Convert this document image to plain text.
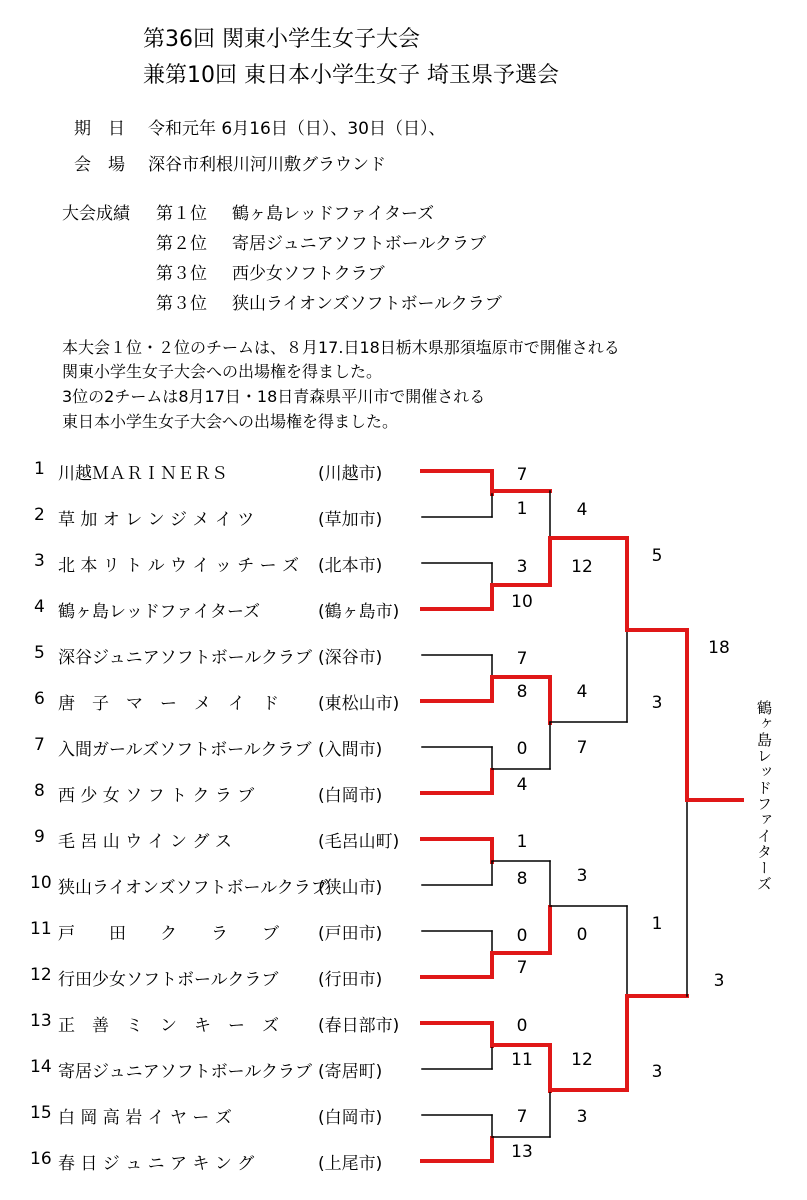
第36回 関東小学生女子大会
兼第10回 東日本小学生女子 埼玉県予選会
期　日 令和元年 6月16日（日）、30日（日）、
会　場 深谷市利根川河川敷グラウンド
大会成績 第１位 鶴ヶ島レッドファイターズ
第２位 寄居ジュニアソフトボールクラブ
第３位 西少女ソフトクラブ
第３位 狭山ライオンズソフトボールクラブ
本大会１位・２位のチームは、８月17.日18日栃木県那須塩原市で開催される
関東小学生女子大会への出場権を得ました。
3位の2チームは8月17日・18日青森県平川市で開催される
東日本小学生女子大会への出場権を得ました。
1 川越ＭＡＲＩＮＥＲＳ	(川越市)
2 草 加 オ レ ン ジ メ イ ツ	(草加市)
3 北 本 リ ト ル ウ イ ッ チ ー ズ (北本市)
4 鶴ヶ島レッドファイターズ	(鶴ヶ島市)
5 深谷ジュニアソフトボールクラブ (深谷市)
6 唐　子　マ　ー　メ　イ　ド (東松山市)
7 入間ガールズソフトボールクラブ (入間市)
8 西 少 女 ソ フ ト ク ラ ブ	(白岡市)
9 毛 呂 山 ウ イ ン グ ス	(毛呂山町)
10 狭山ライオンズソフトボールクラブ
(狭山市)
11 戸　　田　　ク　　ラ　　ブ (戸田市)
12 行田少女ソフトボールクラブ (行田市)
13 正　善　ミ　ン　キ　ー　ズ (春日部市)
14 寄居ジュニアソフトボールクラブ (寄居町)
15 白 岡 高 岩 イ ヤ ー ズ	(白岡市)
16 春 日 ジ ュ ニ ア キ ン グ	(上尾市)
7
1
3
10
7
8
0
4
1
8
0
7
0
11
7
13
4
12
4
7
3
0
12
3
5
3
1
3
18
3
鶴ヶ島レッドファイターズ
